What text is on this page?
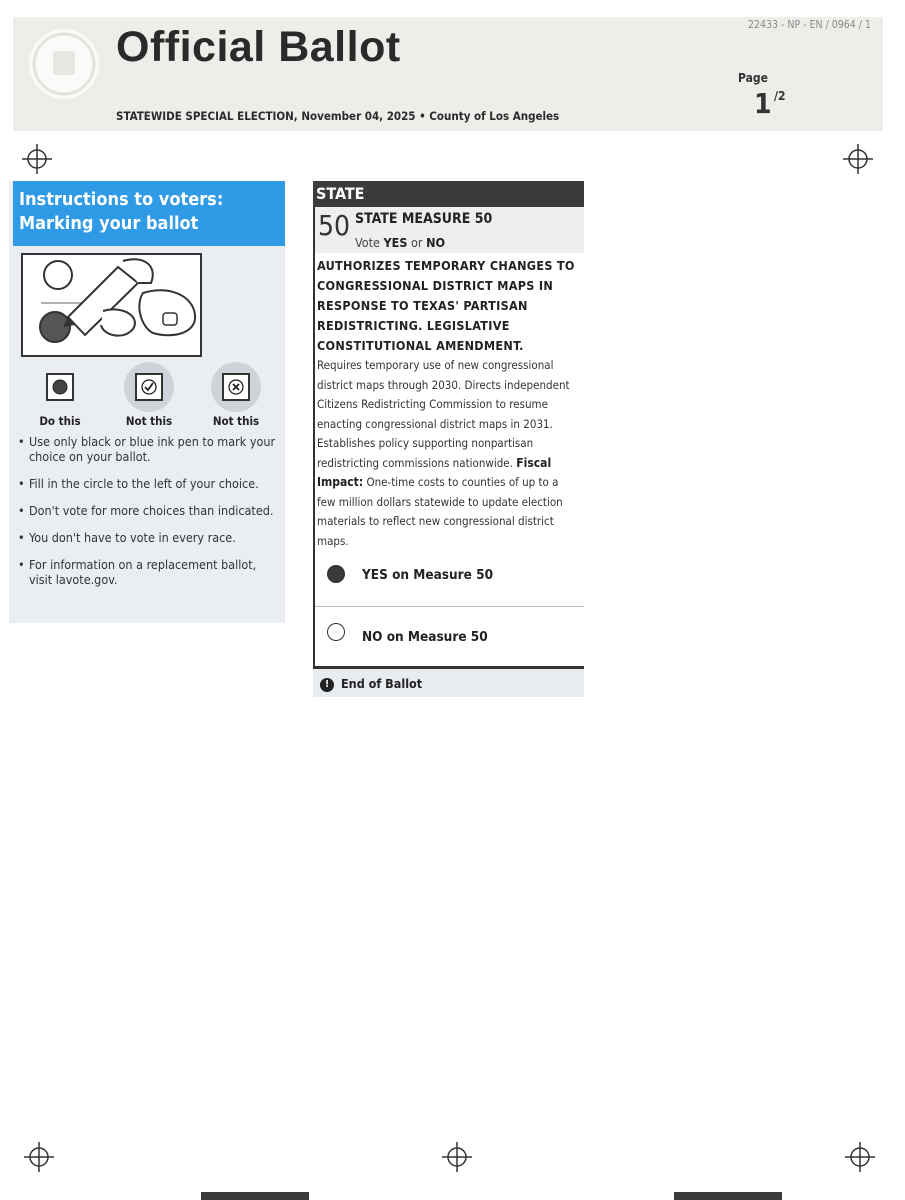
Official Ballot
STATEWIDE SPECIAL ELECTION, November 04, 2025 • County of Los Angeles
22433 - NP - EN / 0964 / 1
Page
1 /2
Instructions to voters:
Marking your ballot
Do this	Not this	Not this
• Use only black or blue ink pen to mark your choice on your ballot.
• Fill in the circle to the left of your choice.
• Don't vote for more choices than indicated.
• You don't have to vote in every race.
• For information on a replacement ballot, visit lavote.gov.
STATE
50 STATE MEASURE 50
Vote YES or NO
AUTHORIZES TEMPORARY CHANGES TO CONGRESSIONAL DISTRICT MAPS IN RESPONSE TO TEXAS' PARTISAN REDISTRICTING. LEGISLATIVE CONSTITUTIONAL AMENDMENT.
Requires temporary use of new congressional district maps through 2030. Directs independent Citizens Redistricting Commission to resume enacting congressional district maps in 2031. Establishes policy supporting nonpartisan redistricting commissions nationwide. Fiscal Impact: One-time costs to counties of up to a few million dollars statewide to update election materials to reflect new congressional district maps.
YES on Measure 50
NO on Measure 50
! End of Ballot
